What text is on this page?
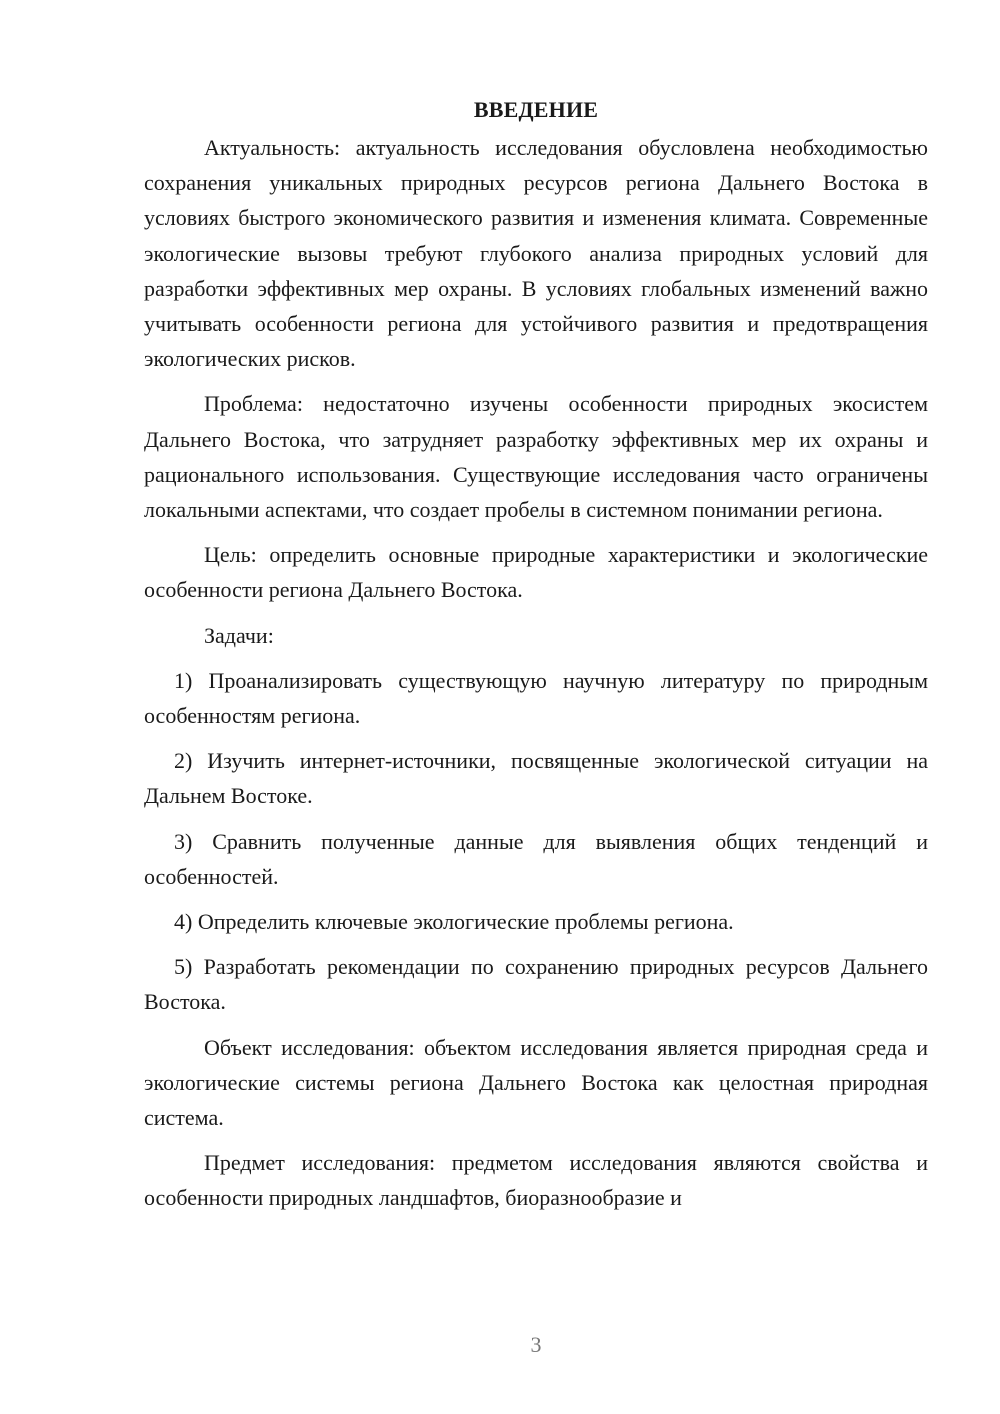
ВВЕДЕНИЕ

Актуальность: актуальность исследования обусловлена необходимостью сохранения уникальных природных ресурсов региона Дальнего Востока в условиях быстрого экономического развития и изменения климата. Современные экологические вызовы требуют глубокого анализа природных условий для разработки эффективных мер охраны. В условиях глобальных изменений важно учитывать особенности региона для устойчивого развития и предотвращения экологических рисков.

Проблема: недостаточно изучены особенности природных экосистем Дальнего Востока, что затрудняет разработку эффективных мер их охраны и рационального использования. Существующие исследования часто ограничены локальными аспектами, что создает пробелы в системном понимании региона.

Цель: определить основные природные характеристики и экологические особенности региона Дальнего Востока.

Задачи:

1) Проанализировать существующую научную литературу по природным особенностям региона.

2) Изучить интернет-источники, посвященные экологической ситуации на Дальнем Востоке.

3) Сравнить полученные данные для выявления общих тенденций и особенностей.

4) Определить ключевые экологические проблемы региона.

5) Разработать рекомендации по сохранению природных ресурсов Дальнего Востока.

Объект исследования: объектом исследования является природная среда и экологические системы региона Дальнего Востока как целостная природная система.

Предмет исследования: предметом исследования являются свойства и особенности природных ландшафтов, биоразнообразие и

3
